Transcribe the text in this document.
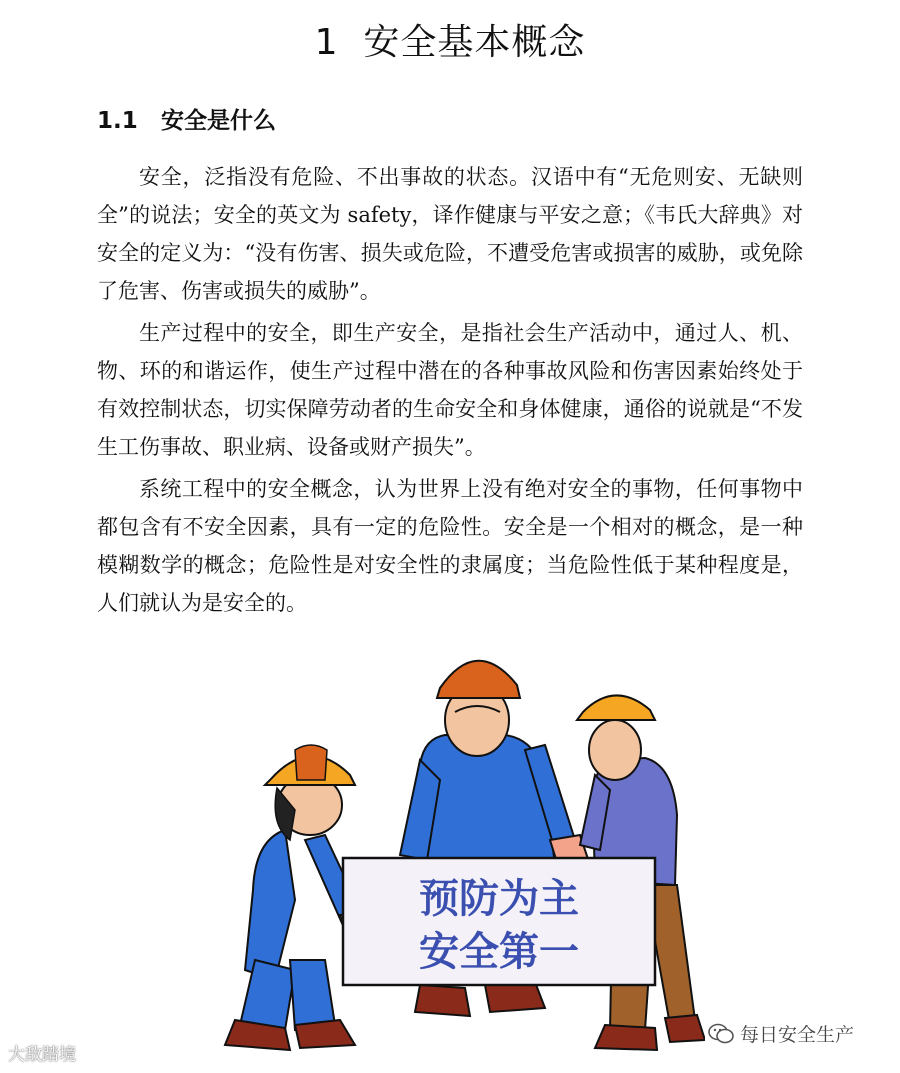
1 安全基本概念
1.1 安全是什么

安全，泛指没有危险、不出事故的状态。汉语中有“无危则安、无缺则全”的说法；安全的英文为 safety，译作健康与平安之意；《韦氏大辞典》对安全的定义为：“没有伤害、损失或危险，不遭受危害或损害的威胁，或免除了危害、伤害或损失的威胁”。

生产过程中的安全，即生产安全，是指社会生产活动中，通过人、机、物、环的和谐运作，使生产过程中潜在的各种事故风险和伤害因素始终处于有效控制状态，切实保障劳动者的生命安全和身体健康，通俗的说就是“不发生工伤事故、职业病、设备或财产损失”。

系统工程中的安全概念，认为世界上没有绝对安全的事物，任何事物中都包含有不安全因素，具有一定的危险性。安全是一个相对的概念，是一种模糊数学的概念；危险性是对安全性的隶属度；当危险性低于某种程度是，人们就认为是安全的。

预防为主
安全第一
大敌踏境
每日安全生产
